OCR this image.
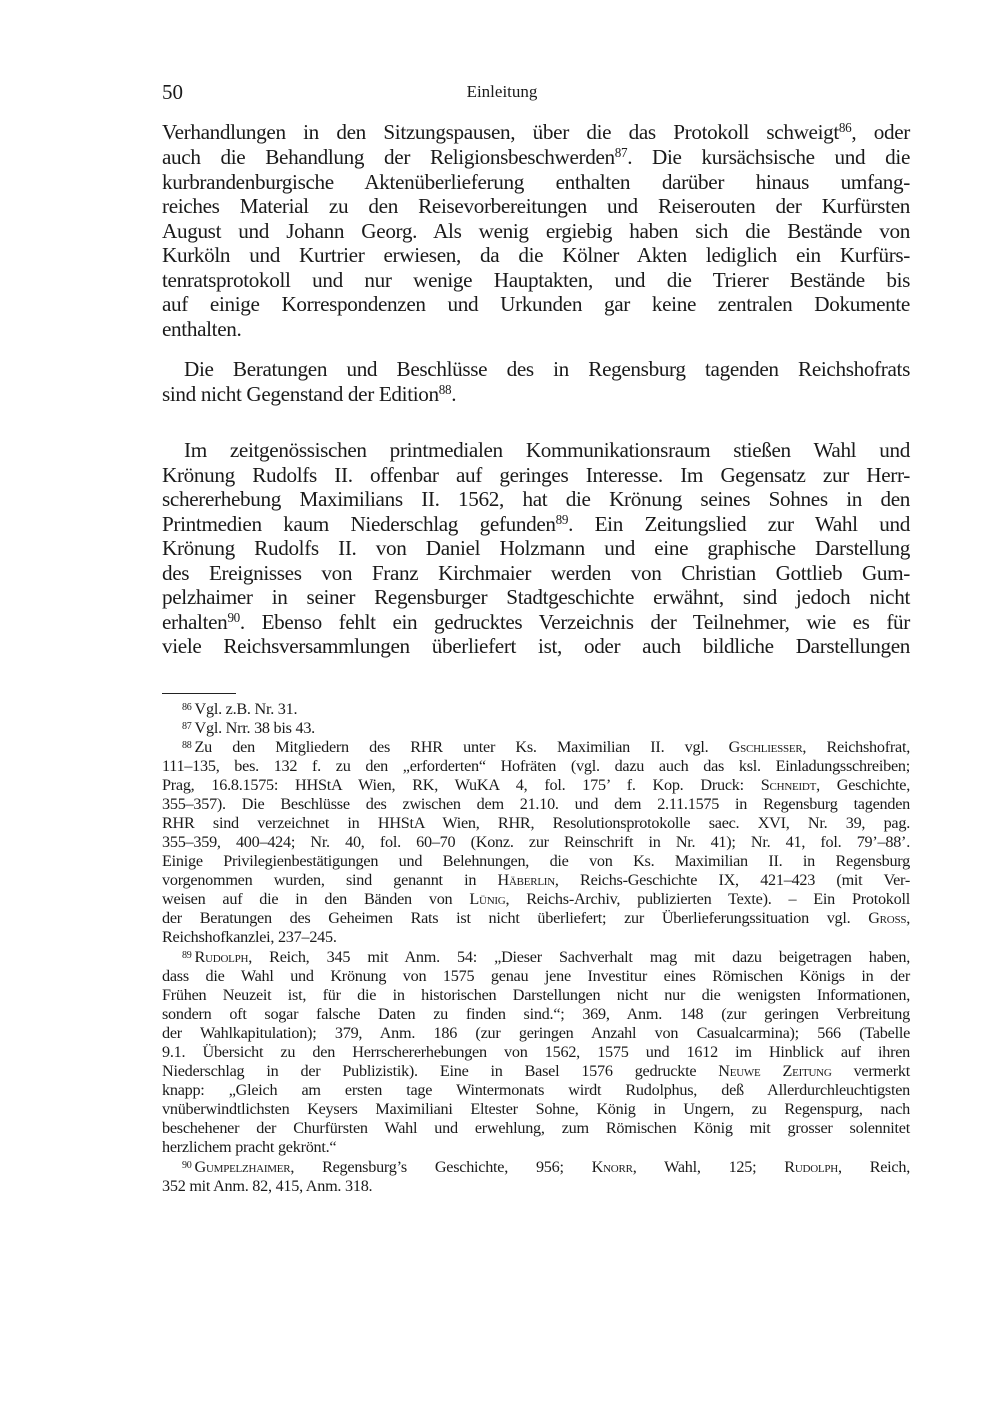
50	Einleitung
Verhandlungen in den Sitzungspausen, über die das Protokoll schweigt$^{86}$, oder
auch die Behandlung der Religionsbeschwerden$^{87}$. Die kursächsische und die
kurbrandenburgische Aktenüberlieferung enthalten darüber hinaus umfang-
reiches Material zu den Reisevorbereitungen und Reiserouten der Kurfürsten
August und Johann Georg. Als wenig ergiebig haben sich die Bestände von
Kurköln und Kurtrier erwiesen, da die Kölner Akten lediglich ein Kurfürs-
tenratsprotokoll und nur wenige Hauptakten, und die Trierer Bestände bis
auf einige Korrespondenzen und Urkunden gar keine zentralen Dokumente
enthalten.
Die Beratungen und Beschlüsse des in Regensburg tagenden Reichshofrats
sind nicht Gegenstand der Edition$^{88}$.
Im zeitgenössischen printmedialen Kommunikationsraum stießen Wahl und
Krönung Rudolfs II. offenbar auf geringes Interesse. Im Gegensatz zur Herr-
schererhebung Maximilians II. 1562, hat die Krönung seines Sohnes in den
Printmedien kaum Niederschlag gefunden$^{89}$. Ein Zeitungslied zur Wahl und
Krönung Rudolfs II. von Daniel Holzmann und eine graphische Darstellung
des Ereignisses von Franz Kirchmaier werden von Christian Gottlieb Gum-
pelzhaimer in seiner Regensburger Stadtgeschichte erwähnt, sind jedoch nicht
erhalten$^{90}$. Ebenso fehlt ein gedrucktes Verzeichnis der Teilnehmer, wie es für
viele Reichsversammlungen überliefert ist, oder auch bildliche Darstellungen
$^{86}$ Vgl. z.B. Nr. 31.
$^{87}$ Vgl. Nrr. 38 bis 43.
$^{88}$ Zu den Mitgliedern des RHR unter Ks. Maximilian II. vgl. Gschliesser, Reichshofrat,
111–135, bes. 132 f. zu den „erforderten“ Hofräten (vgl. dazu auch das ksl. Einladungsschreiben;
Prag, 16.8.1575: HHStA Wien, RK, WuKA 4, fol. 175’ f. Kop. Druck: Schneidt, Geschichte,
355–357). Die Beschlüsse des zwischen dem 21.10. und dem 2.11.1575 in Regensburg tagenden
RHR sind verzeichnet in HHStA Wien, RHR, Resolutionsprotokolle saec. XVI, Nr. 39, pag.
355–359, 400–424; Nr. 40, fol. 60–70 (Konz. zur Reinschrift in Nr. 41); Nr. 41, fol. 79’–88’.
Einige Privilegienbestätigungen und Belehnungen, die von Ks. Maximilian II. in Regensburg
vorgenommen wurden, sind genannt in Häberlin, Reichs-Geschichte IX, 421–423 (mit Ver-
weisen auf die in den Bänden von Lünig, Reichs-Archiv, publizierten Texte). – Ein Protokoll
der Beratungen des Geheimen Rats ist nicht überliefert; zur Überlieferungssituation vgl. Gross,
Reichshofkanzlei, 237–245.
$^{89}$ Rudolph, Reich, 345 mit Anm. 54: „Dieser Sachverhalt mag mit dazu beigetragen haben,
dass die Wahl und Krönung von 1575 genau jene Investitur eines Römischen Königs in der
Frühen Neuzeit ist, für die in historischen Darstellungen nicht nur die wenigsten Informationen,
sondern oft sogar falsche Daten zu finden sind.“; 369, Anm. 148 (zur geringen Verbreitung
der Wahlkapitulation); 379, Anm. 186 (zur geringen Anzahl von Casualcarmina); 566 (Tabelle
9.1. Übersicht zu den Herrschererhebungen von 1562, 1575 und 1612 im Hinblick auf ihren
Niederschlag in der Publizistik). Eine in Basel 1576 gedruckte Neuwe Zeitung vermerkt
knapp: „Gleich am ersten tage Wintermonats wirdt Rudolphus, deß Allerdurchleuchtigsten
vnüberwindtlichsten Keysers Maximiliani Eltester Sohne, König in Ungern, zu Regenspurg, nach
beschehener der Churfürsten Wahl und erwehlung, zum Römischen König mit grosser solennitet
herzlichem pracht gekrönt.“
$^{90}$ Gumpelzhaimer, Regensburg’s Geschichte, 956; Knorr, Wahl, 125; Rudolph, Reich,
352 mit Anm. 82, 415, Anm. 318.
